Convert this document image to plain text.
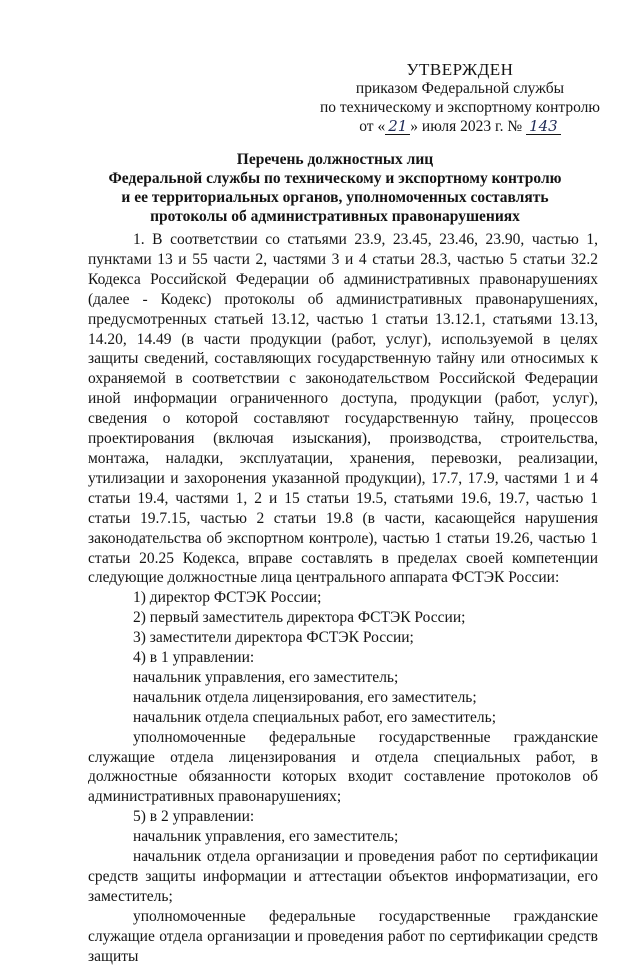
УТВЕРЖДЕН
приказом Федеральной службы
по техническому и экспортному контролю
от « 21 » июля 2023 г. № 143
Перечень должностных лиц
Федеральной службы по техническому и экспортному контролю
и ее территориальных органов, уполномоченных составлять
протоколы об административных правонарушениях

1. В соответствии со статьями 23.9, 23.45, 23.46, 23.90, частью 1, пунктами 13 и 55 части 2, частями 3 и 4 статьи 28.3, частью 5 статьи 32.2 Кодекса Российской Федерации об административных правонарушениях (далее - Кодекс) протоколы об административных правонарушениях, предусмотренных статьей 13.12, частью 1 статьи 13.12.1, статьями 13.13, 14.20, 14.49 (в части продукции (работ, услуг), используемой в целях защиты сведений, составляющих государственную тайну или относимых к охраняемой в соответствии с законодательством Российской Федерации иной информации ограниченного доступа, продукции (работ, услуг), сведения о которой составляют государственную тайну, процессов проектирования (включая изыскания), производства, строительства, монтажа, наладки, эксплуатации, хранения, перевозки, реализации, утилизации и захоронения указанной продукции), 17.7, 17.9, частями 1 и 4 статьи 19.4, частями 1, 2 и 15 статьи 19.5, статьями 19.6, 19.7, частью 1 статьи 19.7.15, частью 2 статьи 19.8 (в части, касающейся нарушения законодательства об экспортном контроле), частью 1 статьи 19.26, частью 1 статьи 20.25 Кодекса, вправе составлять в пределах своей компетенции следующие должностные лица центрального аппарата ФСТЭК России:

1) директор ФСТЭК России;

2) первый заместитель директора ФСТЭК России;

3) заместители директора ФСТЭК России;

4) в 1 управлении:

начальник управления, его заместитель;

начальник отдела лицензирования, его заместитель;

начальник отдела специальных работ, его заместитель;

уполномоченные федеральные государственные гражданские служащие отдела лицензирования и отдела специальных работ, в должностные обязанности которых входит составление протоколов об административных правонарушениях;

5) в 2 управлении:

начальник управления, его заместитель;

начальник отдела организации и проведения работ по сертификации средств защиты информации и аттестации объектов информатизации, его заместитель;

уполномоченные федеральные государственные гражданские служащие отдела организации и проведения работ по сертификации средств защиты
